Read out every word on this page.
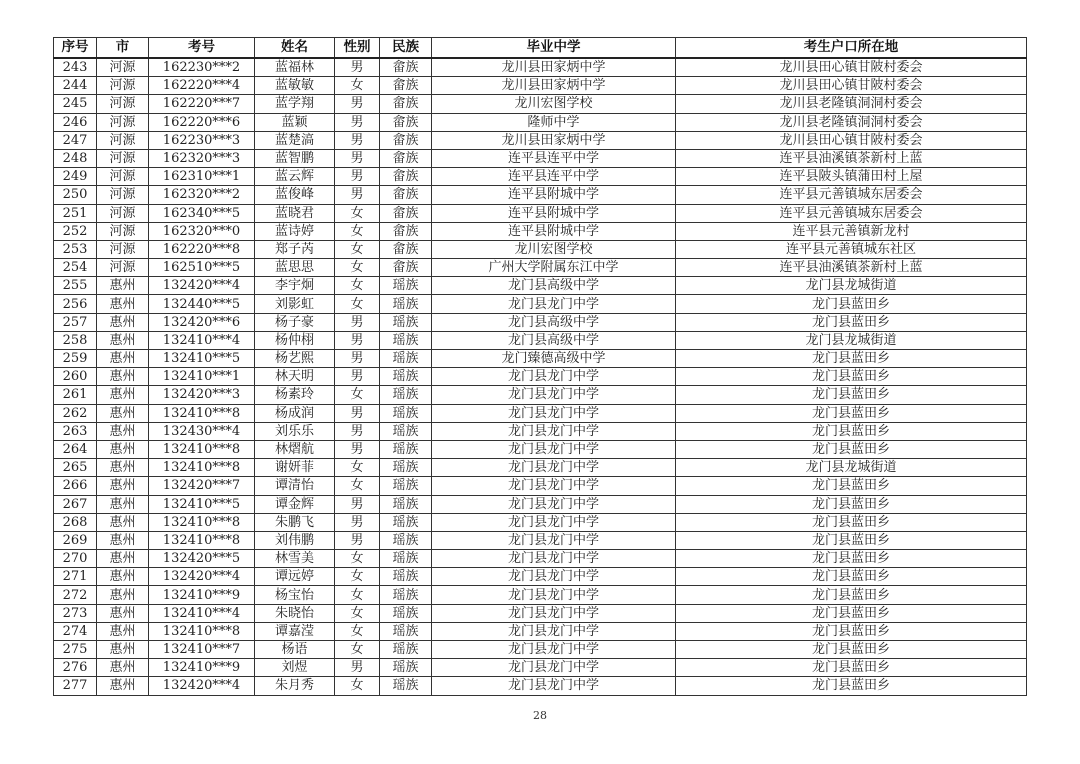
序号	市	考号	姓名	性别	民族	毕业中学	考生户口所在地
243	河源	162230***2	蓝福林	男	畲族	龙川县田家炳中学	龙川县田心镇甘陂村委会
244	河源	162220***4	蓝敏敏	女	畲族	龙川县田家炳中学	龙川县田心镇甘陂村委会
245	河源	162220***7	蓝学翔	男	畲族	龙川宏图学校	龙川县老隆镇洞洞村委会
246	河源	162220***6	蓝颖	男	畲族	隆师中学	龙川县老隆镇洞洞村委会
247	河源	162230***3	蓝楚滈	男	畲族	龙川县田家炳中学	龙川县田心镇甘陂村委会
248	河源	162320***3	蓝智鹏	男	畲族	连平县连平中学	连平县油溪镇茶新村上蓝
249	河源	162310***1	蓝云辉	男	畲族	连平县连平中学	连平县陂头镇蒲田村上屋
250	河源	162320***2	蓝俊峰	男	畲族	连平县附城中学	连平县元善镇城东居委会
251	河源	162340***5	蓝晓君	女	畲族	连平县附城中学	连平县元善镇城东居委会
252	河源	162320***0	蓝诗婷	女	畲族	连平县附城中学	连平县元善镇新龙村
253	河源	162220***8	郑子芮	女	畲族	龙川宏图学校	连平县元善镇城东社区
254	河源	162510***5	蓝思思	女	畲族	广州大学附属东江中学	连平县油溪镇茶新村上蓝
255	惠州	132420***4	李宇炯	女	瑶族	龙门县高级中学	龙门县龙城街道
256	惠州	132440***5	刘影虹	女	瑶族	龙门县龙门中学	龙门县蓝田乡
257	惠州	132420***6	杨子豪	男	瑶族	龙门县高级中学	龙门县蓝田乡
258	惠州	132410***4	杨仲栩	男	瑶族	龙门县高级中学	龙门县龙城街道
259	惠州	132410***5	杨艺熙	男	瑶族	龙门臻德高级中学	龙门县蓝田乡
260	惠州	132410***1	林天明	男	瑶族	龙门县龙门中学	龙门县蓝田乡
261	惠州	132420***3	杨素玲	女	瑶族	龙门县龙门中学	龙门县蓝田乡
262	惠州	132410***8	杨成润	男	瑶族	龙门县龙门中学	龙门县蓝田乡
263	惠州	132430***4	刘乐乐	男	瑶族	龙门县龙门中学	龙门县蓝田乡
264	惠州	132410***8	林熠航	男	瑶族	龙门县龙门中学	龙门县蓝田乡
265	惠州	132410***8	谢妍菲	女	瑶族	龙门县龙门中学	龙门县龙城街道
266	惠州	132420***7	谭清怡	女	瑶族	龙门县龙门中学	龙门县蓝田乡
267	惠州	132410***5	谭金辉	男	瑶族	龙门县龙门中学	龙门县蓝田乡
268	惠州	132410***8	朱鹏飞	男	瑶族	龙门县龙门中学	龙门县蓝田乡
269	惠州	132410***8	刘伟鹏	男	瑶族	龙门县龙门中学	龙门县蓝田乡
270	惠州	132420***5	林雪美	女	瑶族	龙门县龙门中学	龙门县蓝田乡
271	惠州	132420***4	谭远婷	女	瑶族	龙门县龙门中学	龙门县蓝田乡
272	惠州	132410***9	杨宝怡	女	瑶族	龙门县龙门中学	龙门县蓝田乡
273	惠州	132410***4	朱晓怡	女	瑶族	龙门县龙门中学	龙门县蓝田乡
274	惠州	132410***8	谭嘉滢	女	瑶族	龙门县龙门中学	龙门县蓝田乡
275	惠州	132410***7	杨语	女	瑶族	龙门县龙门中学	龙门县蓝田乡
276	惠州	132410***9	刘煜	男	瑶族	龙门县龙门中学	龙门县蓝田乡
277	惠州	132420***4	朱月秀	女	瑶族	龙门县龙门中学	龙门县蓝田乡
28
